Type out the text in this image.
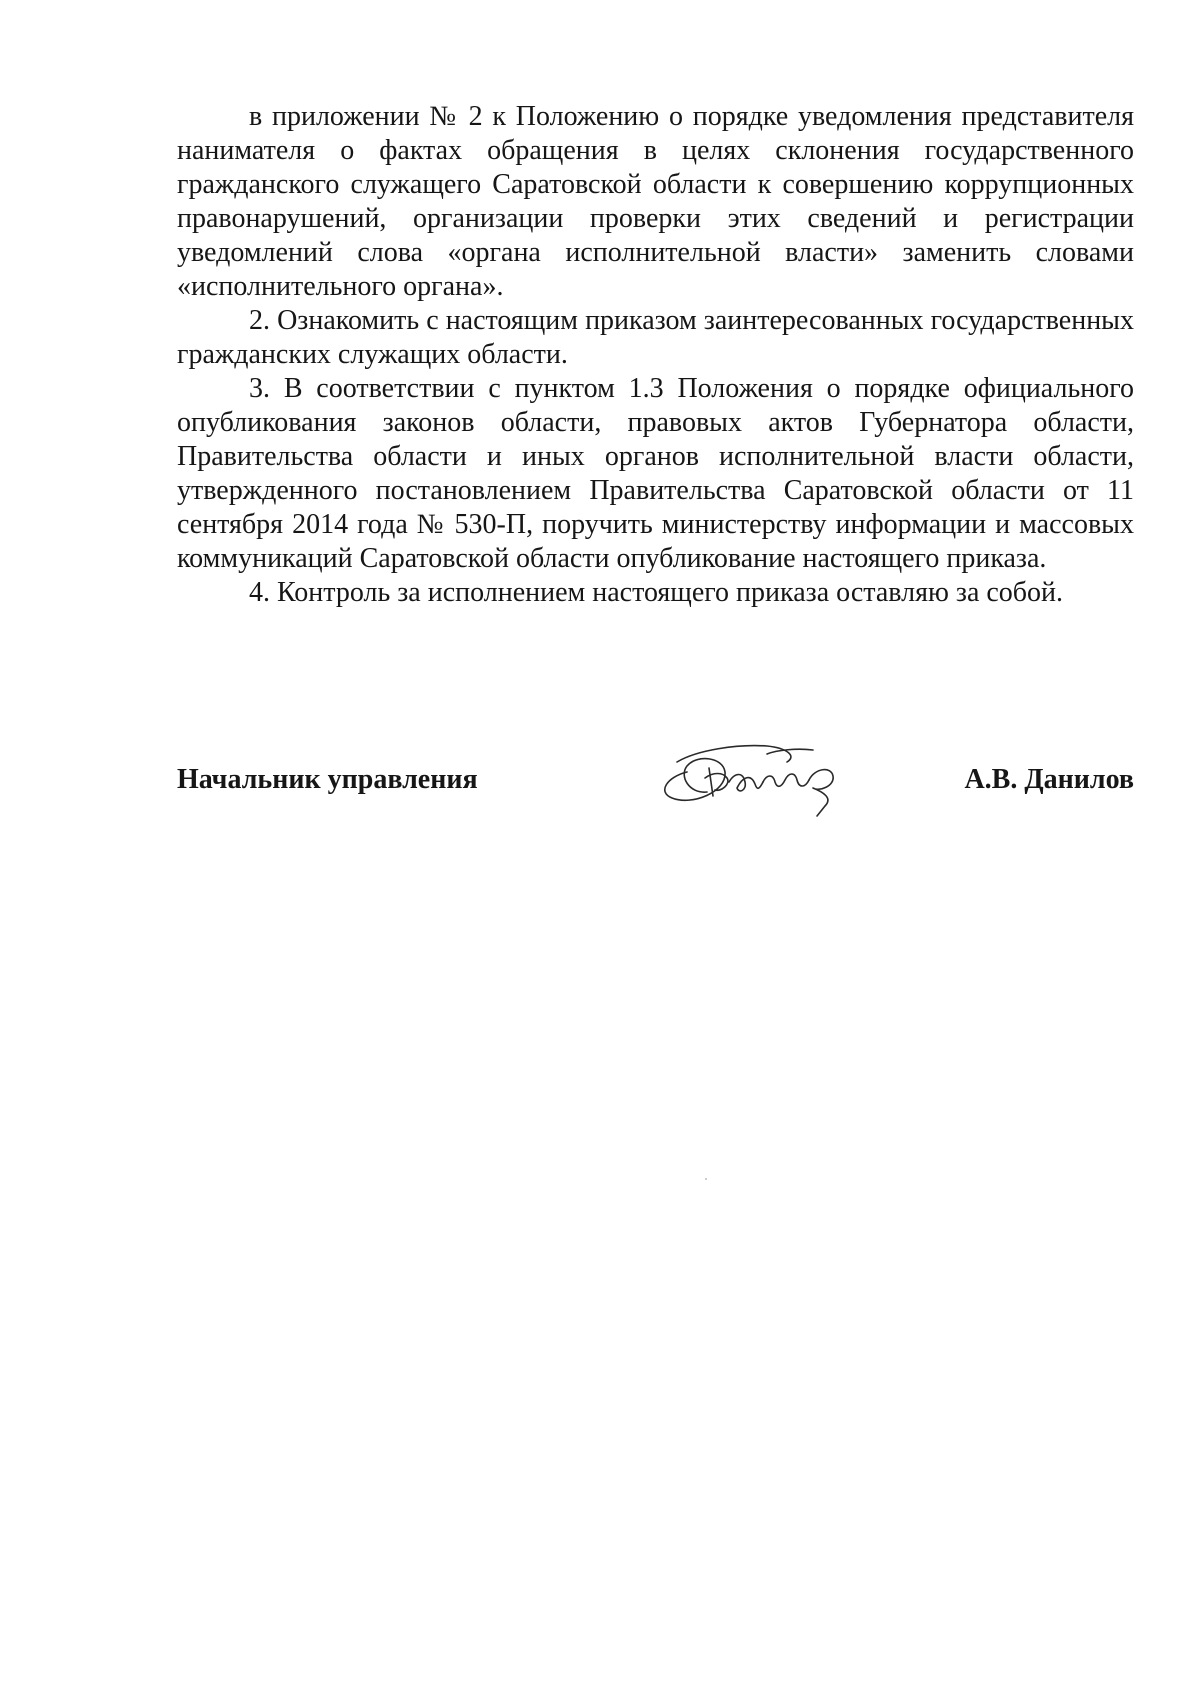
в приложении № 2 к Положению о порядке уведомления представителя нанимателя о фактах обращения в целях склонения государственного гражданского служащего Саратовской области к совершению коррупционных правонарушений, организации проверки этих сведений и регистрации уведомлений слова «органа исполнительной власти» заменить словами «исполнительного органа».

2. Ознакомить с настоящим приказом заинтересованных государственных гражданских служащих области.

3. В соответствии с пунктом 1.3 Положения о порядке официального опубликования законов области, правовых актов Губернатора области, Правительства области и иных органов исполнительной власти области, утвержденного постановлением Правительства Саратовской области от 11 сентября 2014 года № 530-П, поручить министерству информации и массовых коммуникаций Саратовской области опубликование настоящего приказа.

4. Контроль за исполнением настоящего приказа оставляю за собой.

Начальник управления	А.В. Данилов
